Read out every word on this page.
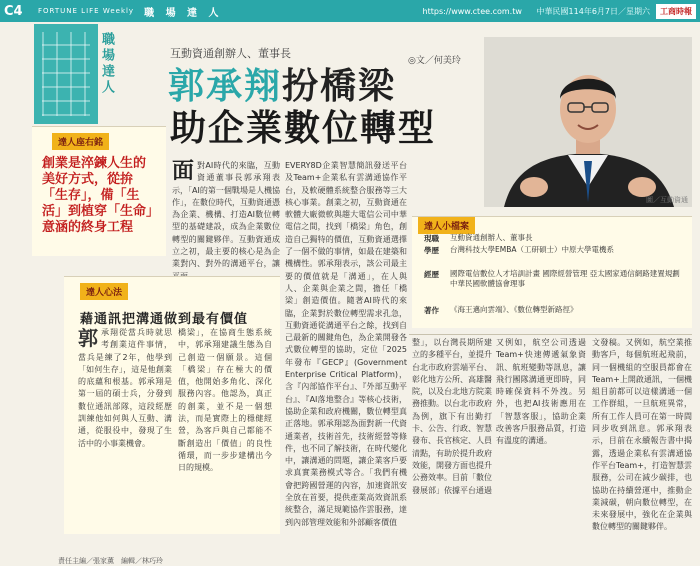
C4	FORTUNE LIFE Weekly 職 場 達 人	https://www.ctee.com.tw 中華民國114年6月7日／星期六	工商時報
職場達人
達人座右銘
創業是淬鍊人生的美好方式，從拚「生存」，備「生活」到植穿「生命」意涵的終身工程
互動資通創辦人、董事長
◎文／何美玲
郭承翔扮橋梁
助企業數位轉型
圖／互動資通
面 對AI時代的來臨，互動資通董事長郭承翔表示，「AI的第一個戰場是人機協作」，在數位時代，互動資通憑為企業、機構、打造AI數位轉型的基礎建設，成為企業數位轉型的關鍵夥伴。互動資通成立之初，最主要的核心是為企業對內、對外的溝通平台，讓
EVERY8D企業智慧簡訊發送平台及Team+企業私有雲溝通協作平台，及軟硬體系統整合服務等三大核心事業。創業之初，互動資通在軟體大廠微軟與趨大電信公司中華電信之間，找到「橋梁」角色，創造自己獨特的價值，互動資通選擇了一個不做的事情，如最在建築和機構性。郭承翔表示，該公司最主要的價值就是「溝通」，在人與人、企業與企業之間，擔任「橋梁」創造價值。隨著AI時代的來臨，企業對於數位轉型需求孔急，互動資通從溝通平台之餘，找到自己最新的關鍵角色，為企業開發各式數位轉型的協助，定位「2025年發布『GECP』(Government Enterprise Critical Platform)，含『內部協作平台』、『外部互動平台』、『AI落地整合』等核心技術，協助企業和政府機關，數位轉型真正落地。郭承翔認為面對新一代資通業者，技術首先，技術經營等條件，也不同了解技術，在時代變化中，讓溝通的問題，讓企業客戶要求真實業務模式等合。「我們有機會把跨國營運的內容，加速資訊安全放在首要，提供產業高效資訊系統整合，滿足規範協作雲服務，達到內部管理效能和外部顧客價值
整」，以台灣長期所建立的多種平台，並提升台北市政府雲端平台、彰化地方公所、高雄醫院，以及台北地方院業務推動。以台北市政府為例，旗下有出勤打卡、公告、行政、智慧發布、長官核定、人員清點，有助於提升政府效能，開發方面也提升公務效率。目前「數位發展部」依據平台通過
又例如，航空公司透過Team+快速傳遞氣象資訊、航班變動等訊息，讓飛行團隊溝通更即時，同時確保資料不外洩。另外，也把AI技術應用在「智慧客服」，協助企業改善客戶服務品質，打造有溫度的溝通。
文發稿。又例如，航空業推動客戶，每個航班起飛前，同一個機組的空服員都會在Team+上開啟通訊，一個機組目前都可以這樣溝通一個工作群組，一旦航班異常，所有工作人員可在第一時間同步收到訊息。郭承翔表示，目前在永續報告書中揭露，透過企業私有雲溝通協作平台Team+，打造智慧雲服務，公司在減少碳排，也協助在持續營運中，推動企業減碳，朝向數位轉型，在未來發展中，強化在企業與數位轉型的關鍵夥伴。
達人心法
藉通訊把溝通做到最有價值
郭 承翔從當兵時就思考創業這件事情，當兵是練了2年，他學到「如何生存」，這是他創業的底蘊和根基。郭承翔是第一屆的碩士兵，分發到數位通訊部隊，這段經歷訓練他如何與人互動、溝通，從服役中，發現了生活中的小事業機會。
橋梁」，在協商生態系統中，郭承翔建議生態為自己創造一個願景。這個「橋梁」存在極大的價值，他開始多角化、深化服務內容。他認為，真正的創業，並不是一個想法，而是實際上的穩健經營，為客戶與自己都能不斷創造出「價值」的良性循環，而一步步建構出今日的規模。
達人小檔案
現職	互動資通創辦人、董事長
學歷	台灣科技大學EMBA（工研碩士）中原大學電機系
經歷	國際電信數位人才培訓計畫 國際經營管理 亞太國家通信網路建置規劃 中華民國軟體協會理事
著作	《海王邁向雲端》、《數位轉型新路徑》
責任主編／張家薰　編輯／林巧玲
